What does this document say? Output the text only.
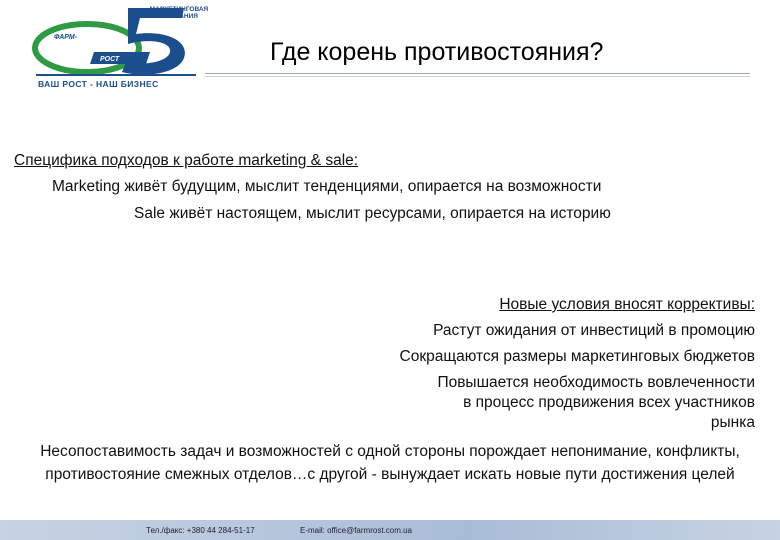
МАРКЕТИНГОВАЯ КОМПАНИЯ
ФАРМ-
РОСТ
ВАШ РОСТ - НАШ БИЗНЕС
Где корень противостояния?
Специфика подходов к работе marketing & sale:
Marketing живёт будущим, мыслит тенденциями, опирается на возможности
Sale живёт настоящем, мыслит ресурсами, опирается на историю
Новые условия вносят коррективы:
Растут ожидания от инвестиций в промоцию
Сокращаются размеры маркетинговых бюджетов
Повышается необходимость вовлеченности в процесс продвижения всех участников рынка
Несопоставимость задач и возможностей с одной стороны порождает непонимание, конфликты, противостояние смежных отделов…с другой - вынуждает искать новые пути достижения целей
Тел./факс: +380 44 284-51-17	E-mail: office@farmrost.com.ua
